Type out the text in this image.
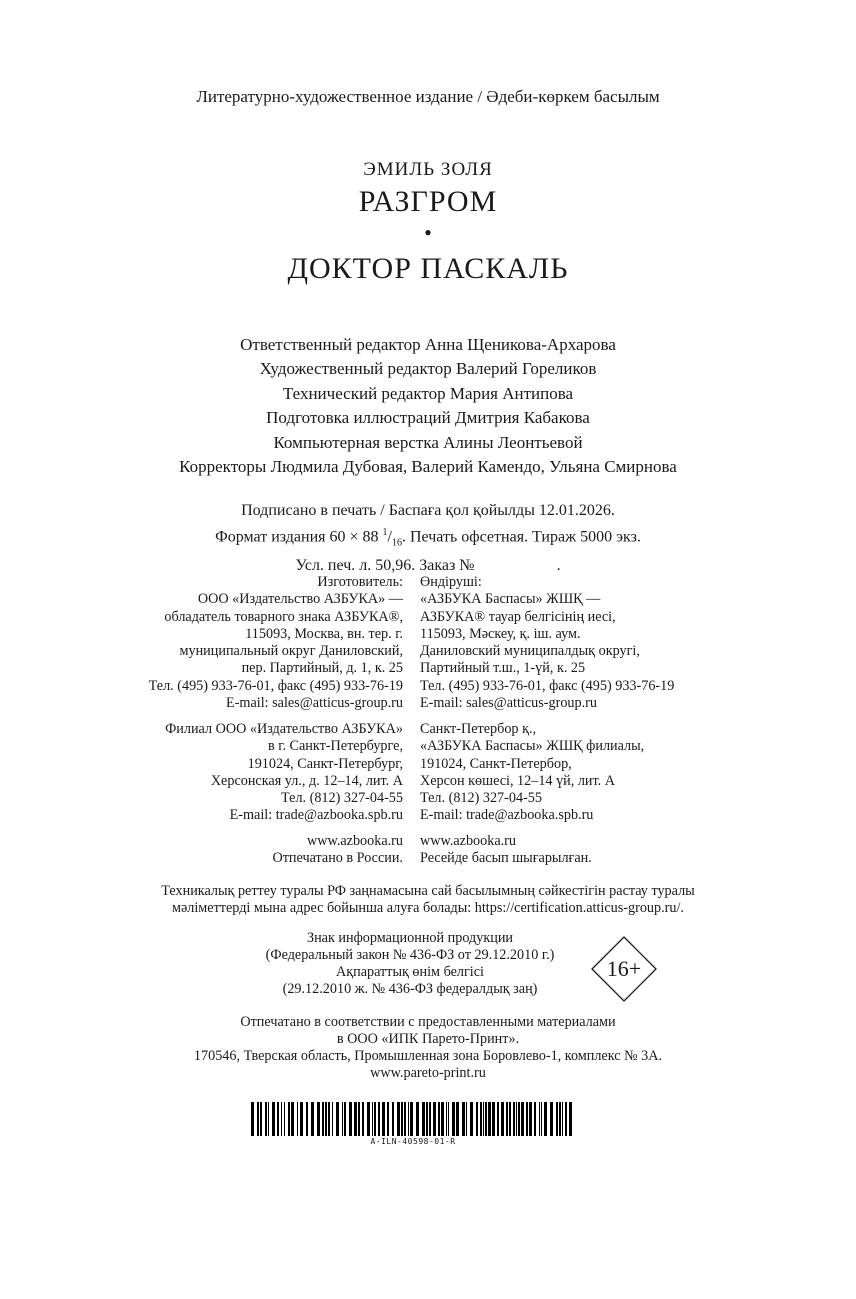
Литературно-художественное издание / Әдеби-көркем басылым
ЭМИЛЬ ЗОЛЯ
РАЗГРОМ
•
ДОКТОР ПАСКАЛЬ
Ответственный редактор Анна Щеникова-Архарова
Художественный редактор Валерий Гореликов
Технический редактор Мария Антипова
Подготовка иллюстраций Дмитрия Кабакова
Компьютерная верстка Алины Леонтьевой
Корректоры Людмила Дубовая, Валерий Камендо, Ульяна Смирнова
Подписано в печать / Баспаға қол қойылды 12.01.2026.
Формат издания 60 × 88 $^1/_{16}$. Печать офсетная. Тираж 5000 экз.
Усл. печ. л. 50,96. Заказ №	.
Изготовитель:
ООО «Издательство АЗБУКА» —
обладатель товарного знака АЗБУКА®,
115093, Москва, вн. тер. г.
муниципальный округ Даниловский,
пер. Партийный, д. 1, к. 25
Тел. (495) 933-76-01, факс (495) 933-76-19
E-mail: sales@atticus-group.ru
Филиал ООО «Издательство АЗБУКА»
в г. Санкт-Петербурге,
191024, Санкт-Петербург,
Херсонская ул., д. 12–14, лит. А
Тел. (812) 327-04-55
E-mail: trade@azbooka.spb.ru
www.azbooka.ru
Отпечатано в России.
Өндіруші:
«АЗБУКА Баспасы» ЖШҚ —
АЗБУКА® тауар белгісінің иесі,
115093, Мәскеу, қ. іш. аум.
Даниловский муниципалдық округі,
Партийный т.ш., 1-үй, к. 25
Тел. (495) 933-76-01, факс (495) 933-76-19
E-mail: sales@atticus-group.ru
Санкт-Петербор қ.,
«АЗБУКА Баспасы» ЖШҚ филиалы,
191024, Санкт-Петербор,
Херсон көшесі, 12–14 үй, лит. А
Тел. (812) 327-04-55
E-mail: trade@azbooka.spb.ru
www.azbooka.ru
Ресейде басып шығарылған.
Техникалық реттеу туралы РФ заңнамасына сай басылымның сәйкестігін растау туралы
мәліметтерді мына адрес бойынша алуға болады: https://certification.atticus-group.ru/.
Знак информационной продукции
(Федеральный закон № 436-ФЗ от 29.12.2010 г.)
Ақпараттық өнім белгісі
(29.12.2010 ж. № 436-ФЗ федералдық заң)
16+
Отпечатано в соответствии с предоставленными материалами
в ООО «ИПК Парето-Принт».
170546, Тверская область, Промышленная зона Боровлево-1, комплекс № 3А.
www.pareto-print.ru
A-ILN-40598-01-R
